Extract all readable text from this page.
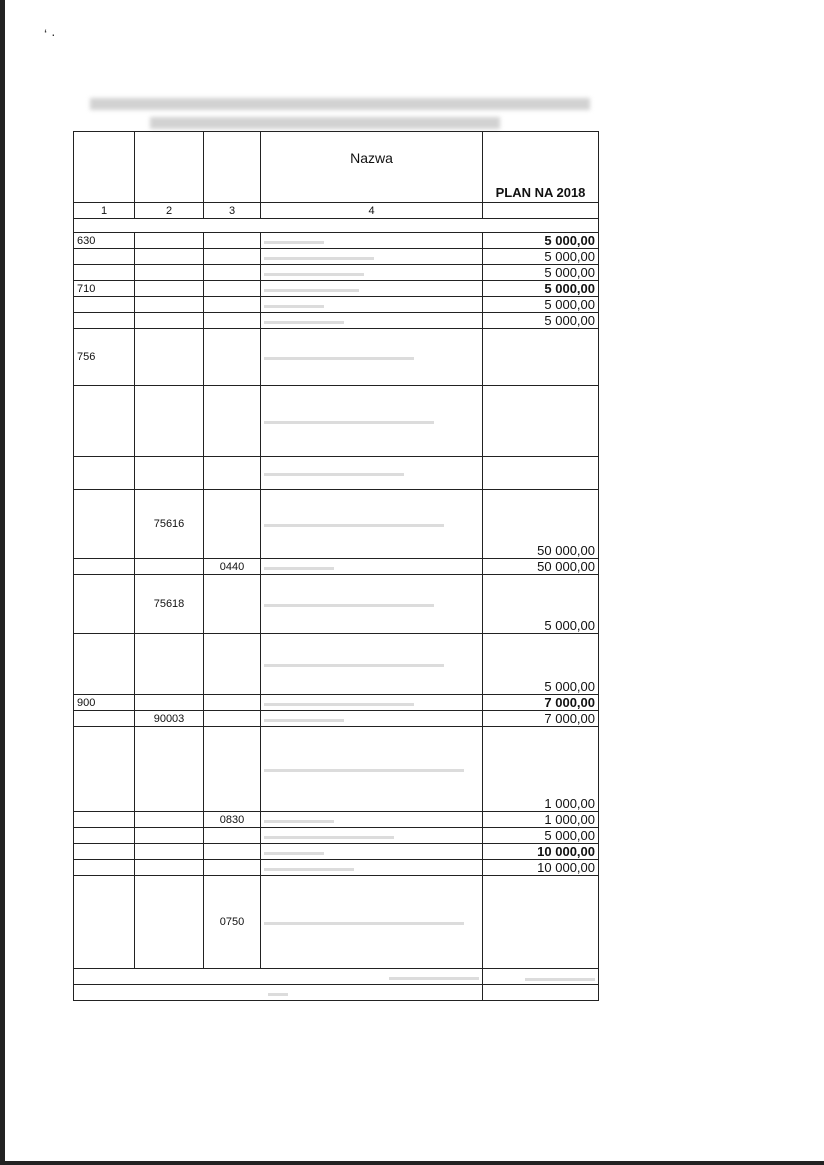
‘ ·
			Nazwa	PLAN NA 2018
1	2	3	4	

630				5 000,00
				5 000,00
				5 000,00
710				5 000,00
				5 000,00
				5 000,00
756				

	75616			50 000,00
		0440		50 000,00
	75618			5 000,00
				5 000,00
900				7 000,00
	90003			7 000,00
				1 000,00
		0830		1 000,00
				5 000,00
				10 000,00
				10 000,00
		0750		
